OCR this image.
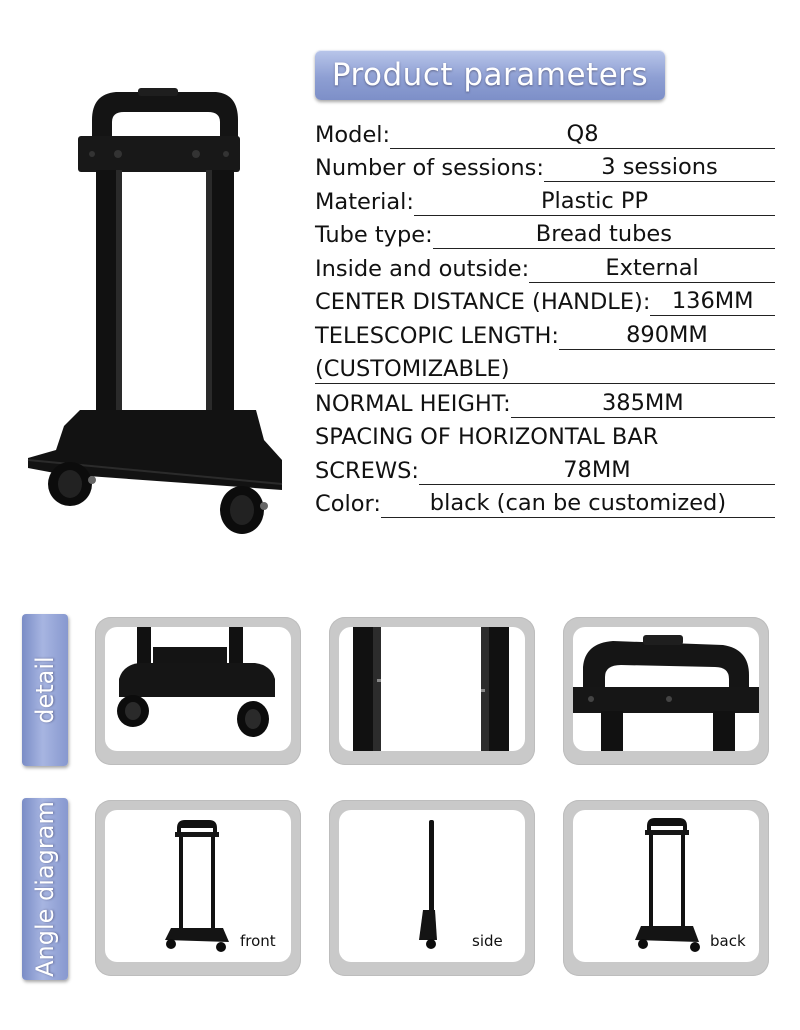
Product parameters
Model:	Q8
Number of sessions:	3 sessions
Material:	Plastic PP
Tube type:	Bread tubes
Inside and outside:	External
CENTER DISTANCE (HANDLE): 136MM
TELESCOPIC LENGTH:	890MM
(CUSTOMIZABLE)
NORMAL HEIGHT:	385MM
SPACING OF HORIZONTAL BAR
SCREWS:	78MM
Color:	black (can be customized)
detail
Angle diagram	front	side	back
